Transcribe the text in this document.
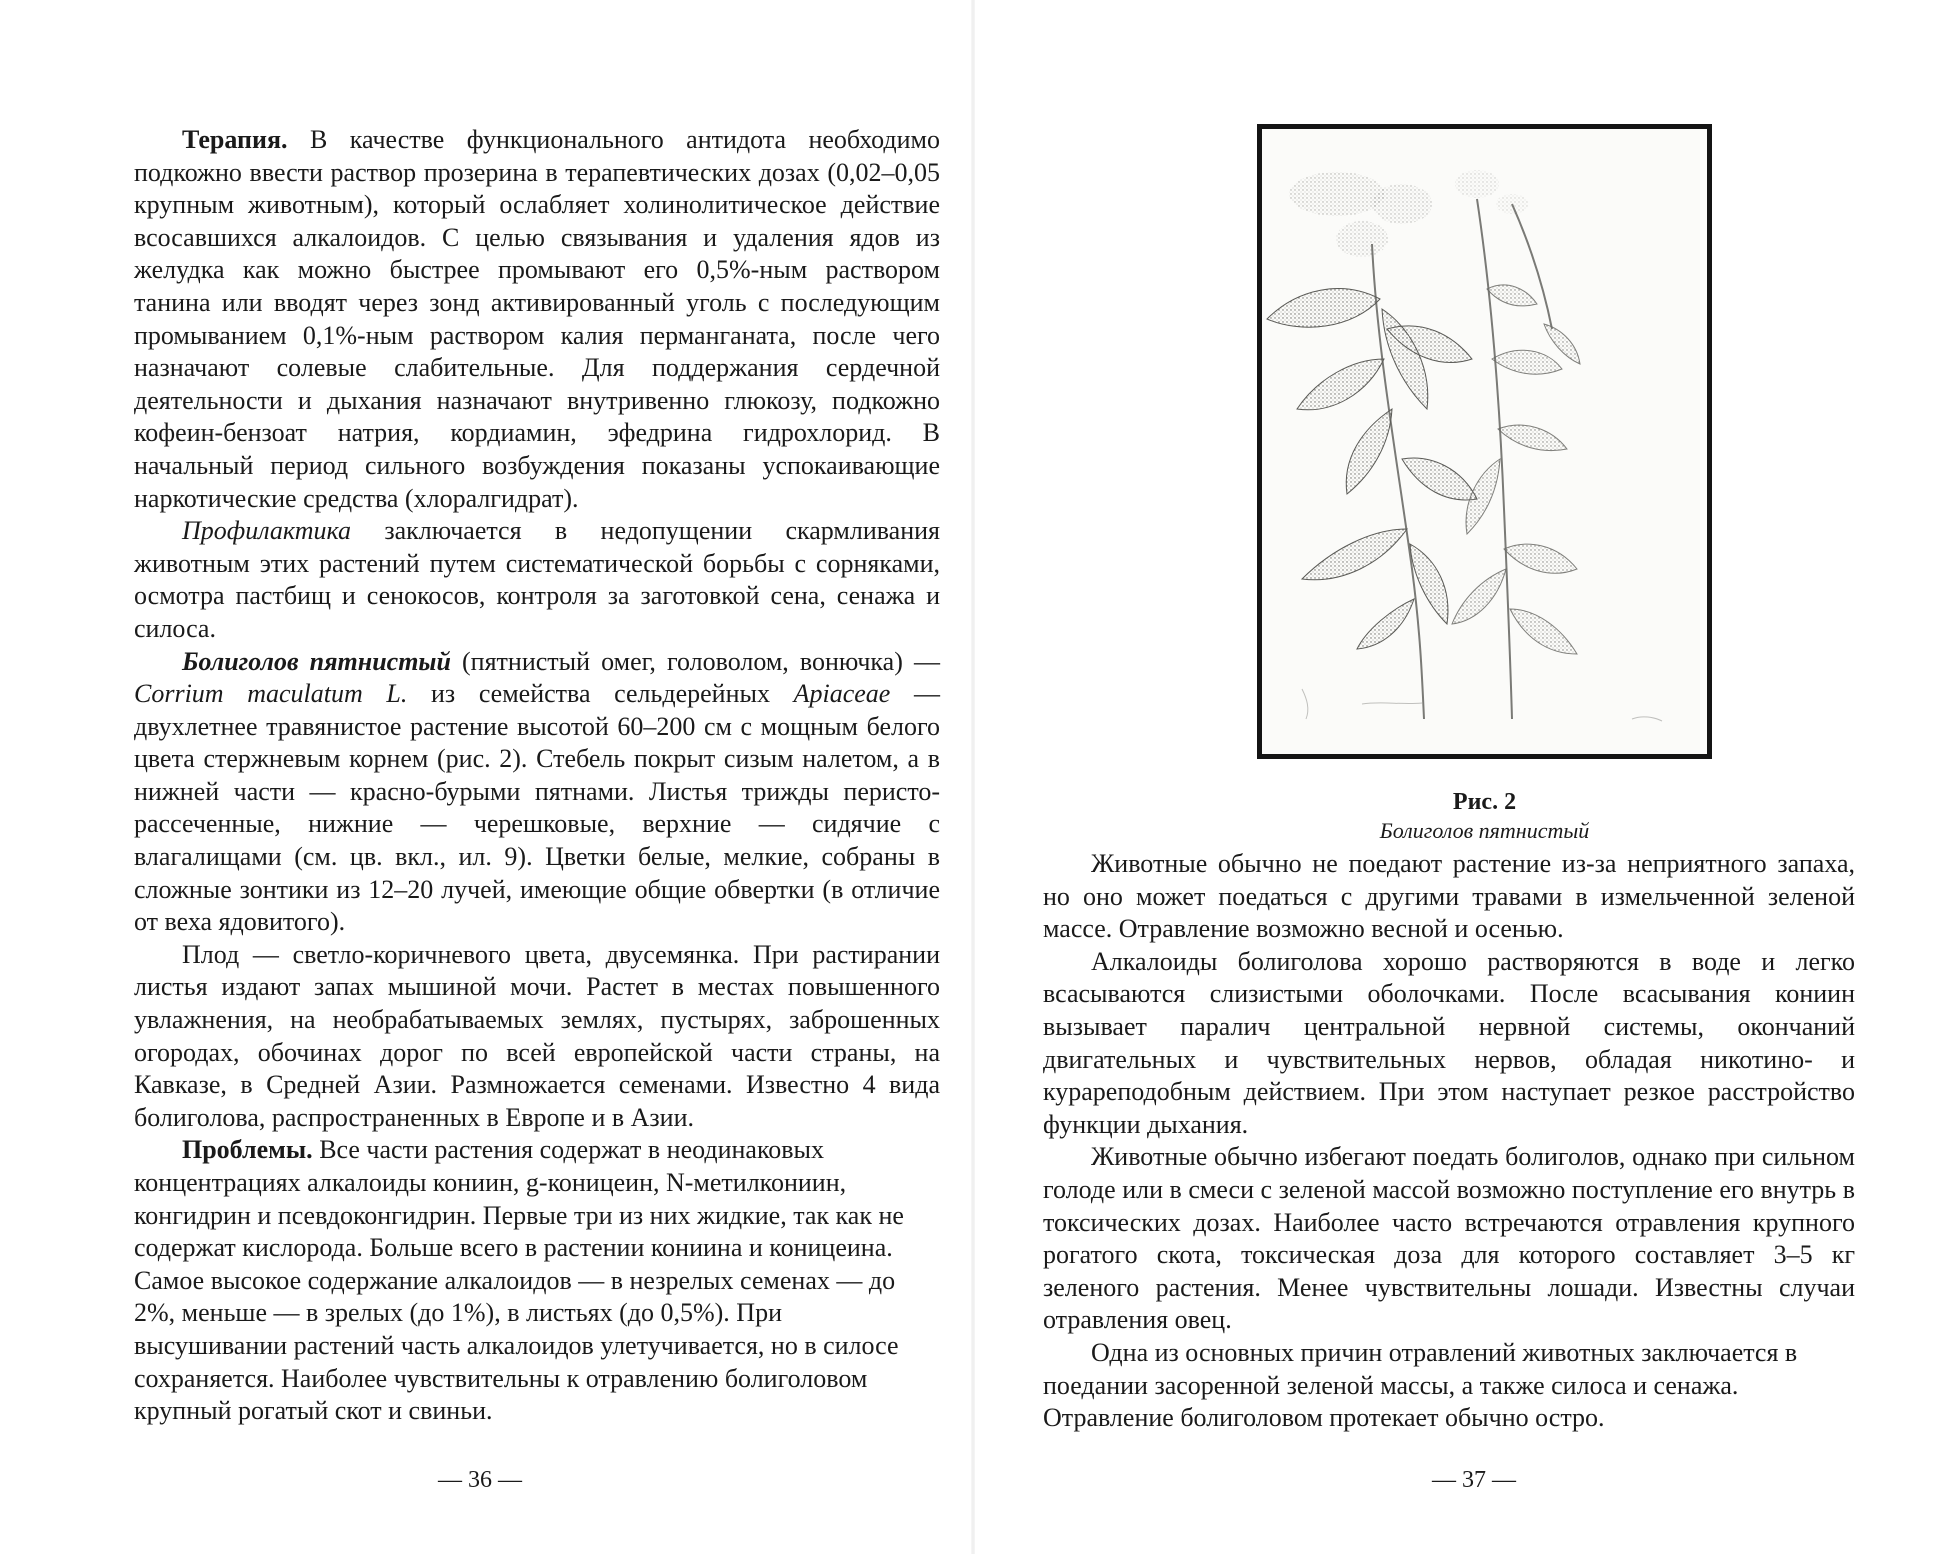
Терапия. В качестве функционального антидота необходимо подкожно ввести раствор прозерина в терапевтических дозах (0,02–0,05 крупным животным), который ослабляет холинолитическое действие всосавшихся алкалоидов. С целью связывания и удаления ядов из желудка как можно быстрее промывают его 0,5%-ным раствором танина или вводят через зонд активированный уголь с последующим промыванием 0,1%-ным раствором калия перманганата, после чего назначают солевые слабительные. Для поддержания сердечной деятельности и дыхания назначают внутривенно глюкозу, подкожно кофеин-бензоат натрия, кордиамин, эфедрина гидрохлорид. В начальный период сильного возбуждения показаны успокаивающие наркотические средства (хлоралгидрат).

Профилактика заключается в недопущении скармливания животным этих растений путем систематической борьбы с сорняками, осмотра пастбищ и сенокосов, контроля за заготовкой сена, сенажа и силоса.

Болиголов пятнистый (пятнистый омег, головолом, вонючка) — Corrium maculatum L. из семейства сельдерейных Apiaceae — двухлетнее травянистое растение высотой 60–200 см с мощным белого цвета стержневым корнем (рис. 2). Стебель покрыт сизым налетом, а в нижней части — красно-бурыми пятнами. Листья трижды перисто-рассеченные, нижние — черешковые, верхние — сидячие с влагалищами (см. цв. вкл., ил. 9). Цветки белые, мелкие, собраны в сложные зонтики из 12–20 лучей, имеющие общие обвертки (в отличие от веха ядовитого).

Плод — светло-коричневого цвета, двусемянка. При растирании листья издают запах мышиной мочи. Растет в местах повышенного увлажнения, на необрабатываемых землях, пустырях, заброшенных огородах, обочинах дорог по всей европейской части страны, на Кавказе, в Средней Азии. Размножается семенами. Известно 4 вида болиголова, распространенных в Европе и в Азии.

Проблемы. Все части растения содержат в неодинаковых концентрациях алкалоиды кониин, g-коницеин, N-метилкониин, конгидрин и псевдоконгидрин. Первые три из них жидкие, так как не содержат кислорода. Больше всего в растении кониина и коницеина. Самое высокое содержание алкалоидов — в незрелых семенах — до 2%, меньше — в зрелых (до 1%), в листьях (до 0,5%). При высушивании растений часть алкалоидов улетучивается, но в силосе сохраняется. Наиболее чувствительны к отравлению болиголовом крупный рогатый скот и свиньи.

— 36 —
Рис. 2
Болиголов пятнистый

Животные обычно не поедают растение из-за неприятного запаха, но оно может поедаться с другими травами в измельченной зеленой массе. Отравление возможно весной и осенью.

Алкалоиды болиголова хорошо растворяются в воде и легко всасываются слизистыми оболочками. После всасывания кониин вызывает паралич центральной нервной системы, окончаний двигательных и чувствительных нервов, обладая никотино- и курареподобным действием. При этом наступает резкое расстройство функции дыхания.

Животные обычно избегают поедать болиголов, однако при сильном голоде или в смеси с зеленой массой возможно поступление его внутрь в токсических дозах. Наиболее часто встречаются отравления крупного рогатого скота, токсическая доза для которого составляет 3–5 кг зеленого растения. Менее чувствительны лошади. Известны случаи отравления овец.

Одна из основных причин отравлений животных заключается в поедании засоренной зеленой массы, а также силоса и сенажа. Отравление болиголовом протекает обычно остро.

— 37 —
